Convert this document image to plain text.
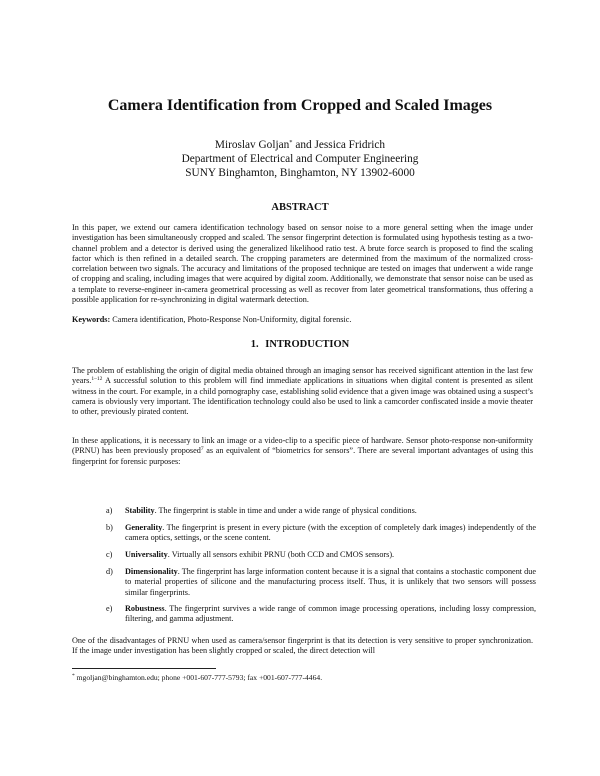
Camera Identification from Cropped and Scaled Images
Miroslav Goljan* and Jessica Fridrich
Department of Electrical and Computer Engineering
SUNY Binghamton, Binghamton, NY 13902-6000
ABSTRACT
In this paper, we extend our camera identification technology based on sensor noise to a more general setting when the image under investigation has been simultaneously cropped and scaled. The sensor fingerprint detection is formulated using hypothesis testing as a two-channel problem and a detector is derived using the generalized likelihood ratio test. A brute force search is proposed to find the scaling factor which is then refined in a detailed search. The cropping parameters are determined from the maximum of the normalized cross-correlation between two signals. The accuracy and limitations of the proposed technique are tested on images that underwent a wide range of cropping and scaling, including images that were acquired by digital zoom. Additionally, we demonstrate that sensor noise can be used as a template to reverse-engineer in-camera geometrical processing as well as recover from later geometrical transformations, thus offering a possible application for re-synchronizing in digital watermark detection.
Keywords: Camera identification, Photo-Response Non-Uniformity, digital forensic.
1. INTRODUCTION
The problem of establishing the origin of digital media obtained through an imaging sensor has received significant attention in the last few years.$^{1-12}$ A successful solution to this problem will find immediate applications in situations when digital content is presented as silent witness in the court. For example, in a child pornography case, establishing solid evidence that a given image was obtained using a suspect’s camera is obviously very important. The identification technology could also be used to link a camcorder confiscated inside a movie theater to other, previously pirated content.
In these applications, it is necessary to link an image or a video-clip to a specific piece of hardware. Sensor photo-response non-uniformity (PRNU) has been previously proposed$^7$ as an equivalent of “biometrics for sensors”. There are several important advantages of using this fingerprint for forensic purposes:
a)	Stability. The fingerprint is stable in time and under a wide range of physical conditions.
b)	Generality. The fingerprint is present in every picture (with the exception of completely dark images) independently of the camera optics, settings, or the scene content.
c)	Universality. Virtually all sensors exhibit PRNU (both CCD and CMOS sensors).
d)	Dimensionality. The fingerprint has large information content because it is a signal that contains a stochastic component due to material properties of silicone and the manufacturing process itself. Thus, it is unlikely that two sensors will possess similar fingerprints.
e)	Robustness. The fingerprint survives a wide range of common image processing operations, including lossy compression, filtering, and gamma adjustment.
One of the disadvantages of PRNU when used as camera/sensor fingerprint is that its detection is very sensitive to proper synchronization. If the image under investigation has been slightly cropped or scaled, the direct detection will
* mgoljan@binghamton.edu; phone +001-607-777-5793; fax +001-607-777-4464.
